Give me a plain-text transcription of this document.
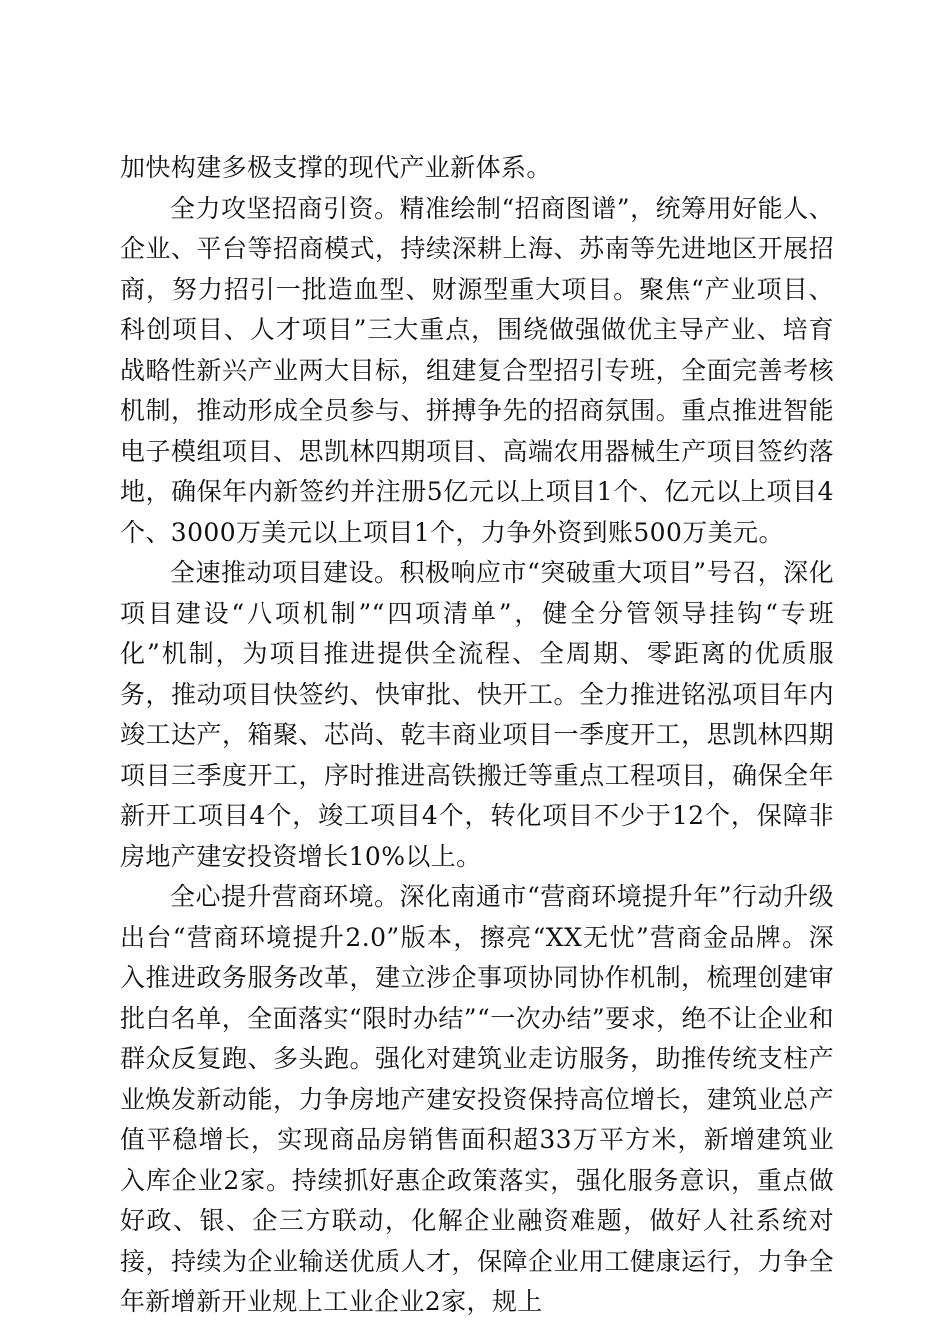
加快构建多极支撑的现代产业新体系。

全力攻坚招商引资。精准绘制“招商图谱”，统筹用好能人、企业、平台等招商模式，持续深耕上海、苏南等先进地区开展招商，努力招引一批造血型、财源型重大项目。聚焦“产业项目、科创项目、人才项目”三大重点，围绕做强做优主导产业、培育战略性新兴产业两大目标，组建复合型招引专班，全面完善考核机制，推动形成全员参与、拼搏争先的招商氛围。重点推进智能电子模组项目、思凯林四期项目、高端农用器械生产项目签约落地，确保年内新签约并注册5亿元以上项目1个、亿元以上项目4个、3000万美元以上项目1个，力争外资到账500万美元。

全速推动项目建设。积极响应市“突破重大项目”号召，深化项目建设“八项机制”“四项清单”，健全分管领导挂钩“专班化”机制，为项目推进提供全流程、全周期、零距离的优质服务，推动项目快签约、快审批、快开工。全力推进铭泓项目年内竣工达产，箱聚、芯尚、乾丰商业项目一季度开工，思凯林四期项目三季度开工，序时推进高铁搬迁等重点工程项目，确保全年新开工项目4个，竣工项目4个，转化项目不少于12个，保障非房地产建安投资增长10%以上。

全心提升营商环境。深化南通市“营商环境提升年”行动升级出台“营商环境提升2.0”版本，擦亮“XX无忧”营商金品牌。深入推进政务服务改革，建立涉企事项协同协作机制，梳理创建审批白名单，全面落实“限时办结”“一次办结”要求，绝不让企业和群众反复跑、多头跑。强化对建筑业走访服务，助推传统支柱产业焕发新动能，力争房地产建安投资保持高位增长，建筑业总产值平稳增长，实现商品房销售面积超33万平方米，新增建筑业入库企业2家。持续抓好惠企政策落实，强化服务意识，重点做好政、银、企三方联动，化解企业融资难题，做好人社系统对接，持续为企业输送优质人才，保障企业用工健康运行，力争全年新增新开业规上工业企业2家，规上
